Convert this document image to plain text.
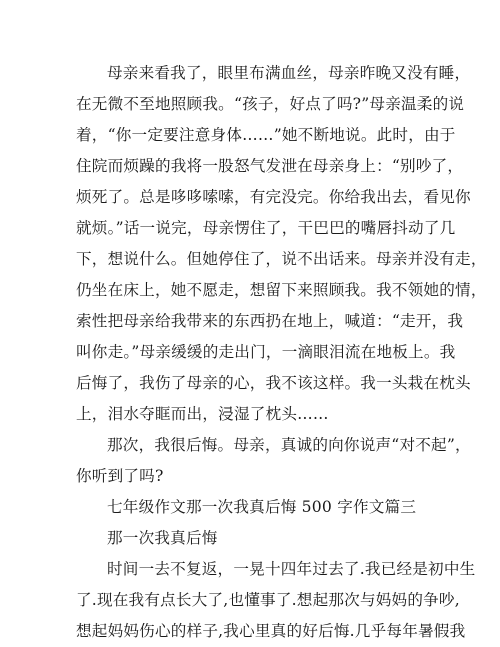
母亲来看我了，眼里布满血丝，母亲昨晚又没有睡，
在无微不至地照顾我。“孩子，好点了吗?”母亲温柔的说
着，“你一定要注意身体……”她不断地说。此时，由于
住院而烦躁的我将一股怒气发泄在母亲身上：“别吵了，
烦死了。总是哆哆嗦嗦，有完没完。你给我出去，看见你
就烦。”话一说完，母亲愣住了，干巴巴的嘴唇抖动了几
下，想说什么。但她停住了，说不出话来。母亲并没有走，
仍坐在床上，她不愿走，想留下来照顾我。我不领她的情，
索性把母亲给我带来的东西扔在地上，喊道：“走开，我
叫你走。”母亲缓缓的走出门，一滴眼泪流在地板上。我
后悔了，我伤了母亲的心，我不该这样。我一头栽在枕头
上，泪水夺眶而出，浸湿了枕头……
那次，我很后悔。母亲，真诚的向你说声“对不起”，
你听到了吗?
七年级作文那一次我真后悔 500 字作文篇三
那一次我真后悔
时间一去不复返，一晃十四年过去了.我已经是初中生
了.现在我有点长大了,也懂事了.想起那次与妈妈的争吵,
想起妈妈伤心的样子,我心里真的好后悔.几乎每年暑假我
